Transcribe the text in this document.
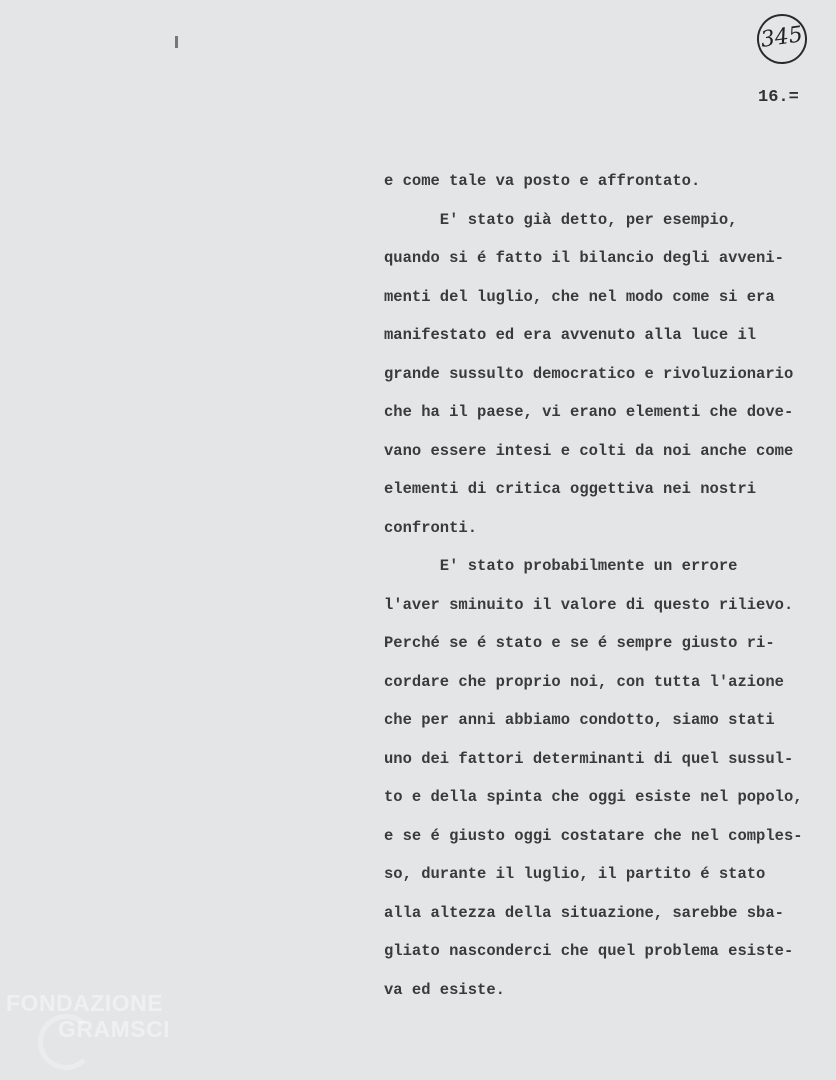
345
16.=
e come tale va posto e affrontato.
E' stato già detto, per esempio,
quando si é fatto il bilancio degli avveni-
menti del luglio, che nel modo come si era
manifestato ed era avvenuto alla luce il
grande sussulto democratico e rivoluzionario
che ha il paese, vi erano elementi che dove-
vano essere intesi e colti da noi anche come
elementi di critica oggettiva nei nostri
confronti.
E' stato probabilmente un errore
l'aver sminuito il valore di questo rilievo.
Perché se é stato e se é sempre giusto ri-
cordare che proprio noi, con tutta l'azione
che per anni abbiamo condotto, siamo stati
uno dei fattori determinanti di quel sussul-
to e della spinta che oggi esiste nel popolo,
e se é giusto oggi costatare che nel comples-
so, durante il luglio, il partito é stato
alla altezza della situazione, sarebbe sba-
gliato nasconderci che quel problema esiste-
va ed esiste.
FONDAZIONE
GRAMSCI
